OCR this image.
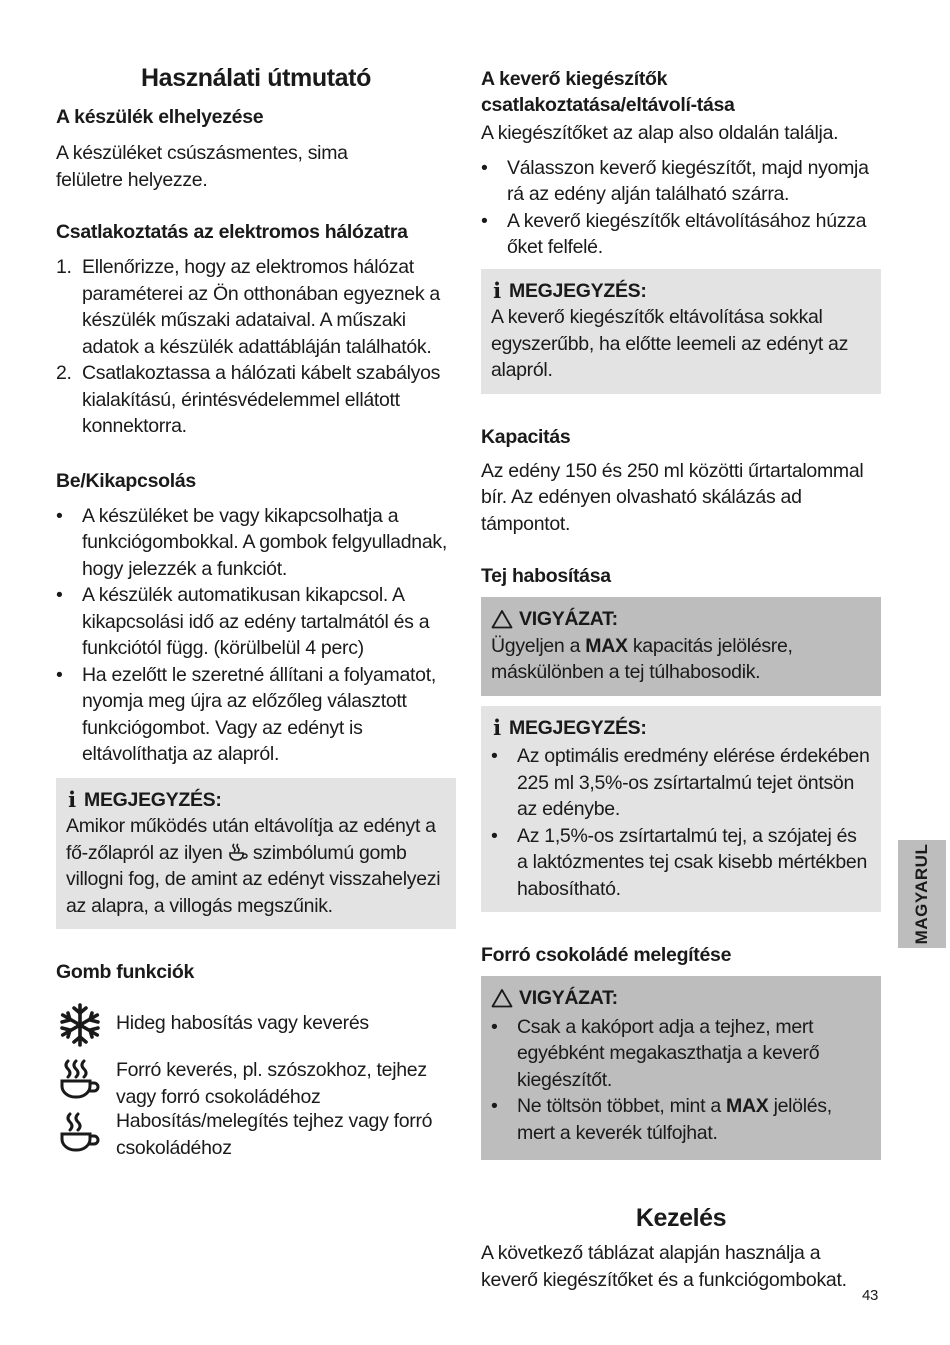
Használati útmutató
A készülék elhelyezése

A készüléket csúszásmentes, sima felületre helyezze.

Csatlakoztatás az elektromos hálózatra
1. Ellenőrizze, hogy az elektromos hálózat paraméterei az Ön otthonában egyeznek a készülék műszaki adataival. A műszaki adatok a készülék adattábláján találhatók.
2. Csatlakoztassa a hálózati kábelt szabályos kialakítású, érintésvédelemmel ellátott konnektorra.
Be/Kikapcsolás
• A készüléket be vagy kikapcsolhatja a funkciógombokkal. A gombok felgyulladnak, hogy jelezzék a funkciót.
• A készülék automatikusan kikapcsol. A kikapcsolási idő az edény tartalmától és a funkciótól függ. (körülbelül 4 perc)
• Ha ezelőtt le szeretné állítani a folyamatot, nyomja meg újra az előzőleg választott funkciógombot. Vagy az edényt is eltávolíthatja az alapról.
i MEGJEGYZÉS:

Amikor működés után eltávolítja az edényt a fő-zőlapról az ilyen szimbólumú gomb villogni fog, de amint az edényt visszahelyezi az alapra, a villogás megszűnik.

Gomb funkciók
Hideg habosítás vagy keverés
Forró keverés, pl. szószokhoz, tejhez vagy forró csokoládéhoz
Habosítás/melegítés tejhez vagy forró csokoládéhoz
A keverő kiegészítők csatlakoztatása/eltávolí-tása

A kiegészítőket az alap also oldalán találja.

• Válasszon keverő kiegészítőt, majd nyomja rá az edény alján található szárra.
• A keverő kiegészítők eltávolításához húzza őket felfelé.
i MEGJEGYZÉS:

A keverő kiegészítők eltávolítása sokkal egyszerűbb, ha előtte leemeli az edényt az alapról.

Kapacitás

Az edény 150 és 250 ml közötti űrtartalommal bír. Az edényen olvasható skálázás ad támpontot.

Tej habosítása
VIGYÁZAT:

Ügyeljen a MAX kapacitás jelölésre, máskülönben a tej túlhabosodik.

i MEGJEGYZÉS:
• Az optimális eredmény elérése érdekében 225 ml 3,5%-os zsírtartalmú tejet öntsön az edénybe.
• Az 1,5%-os zsírtartalmú tej, a szójatej és a laktózmentes tej csak kisebb mértékben habosítható.
Forró csokoládé melegítése
VIGYÁZAT:
• Csak a kakóport adja a tejhez, mert egyébként megakaszthatja a keverő kiegészítőt.
• Ne töltsön többet, mint a MAX jelölés, mert a keverék túlfojhat.
Kezelés

A következő táblázat alapján használja a keverő kiegészítőket és a funkciógombokat.

MAGYARUL
43
